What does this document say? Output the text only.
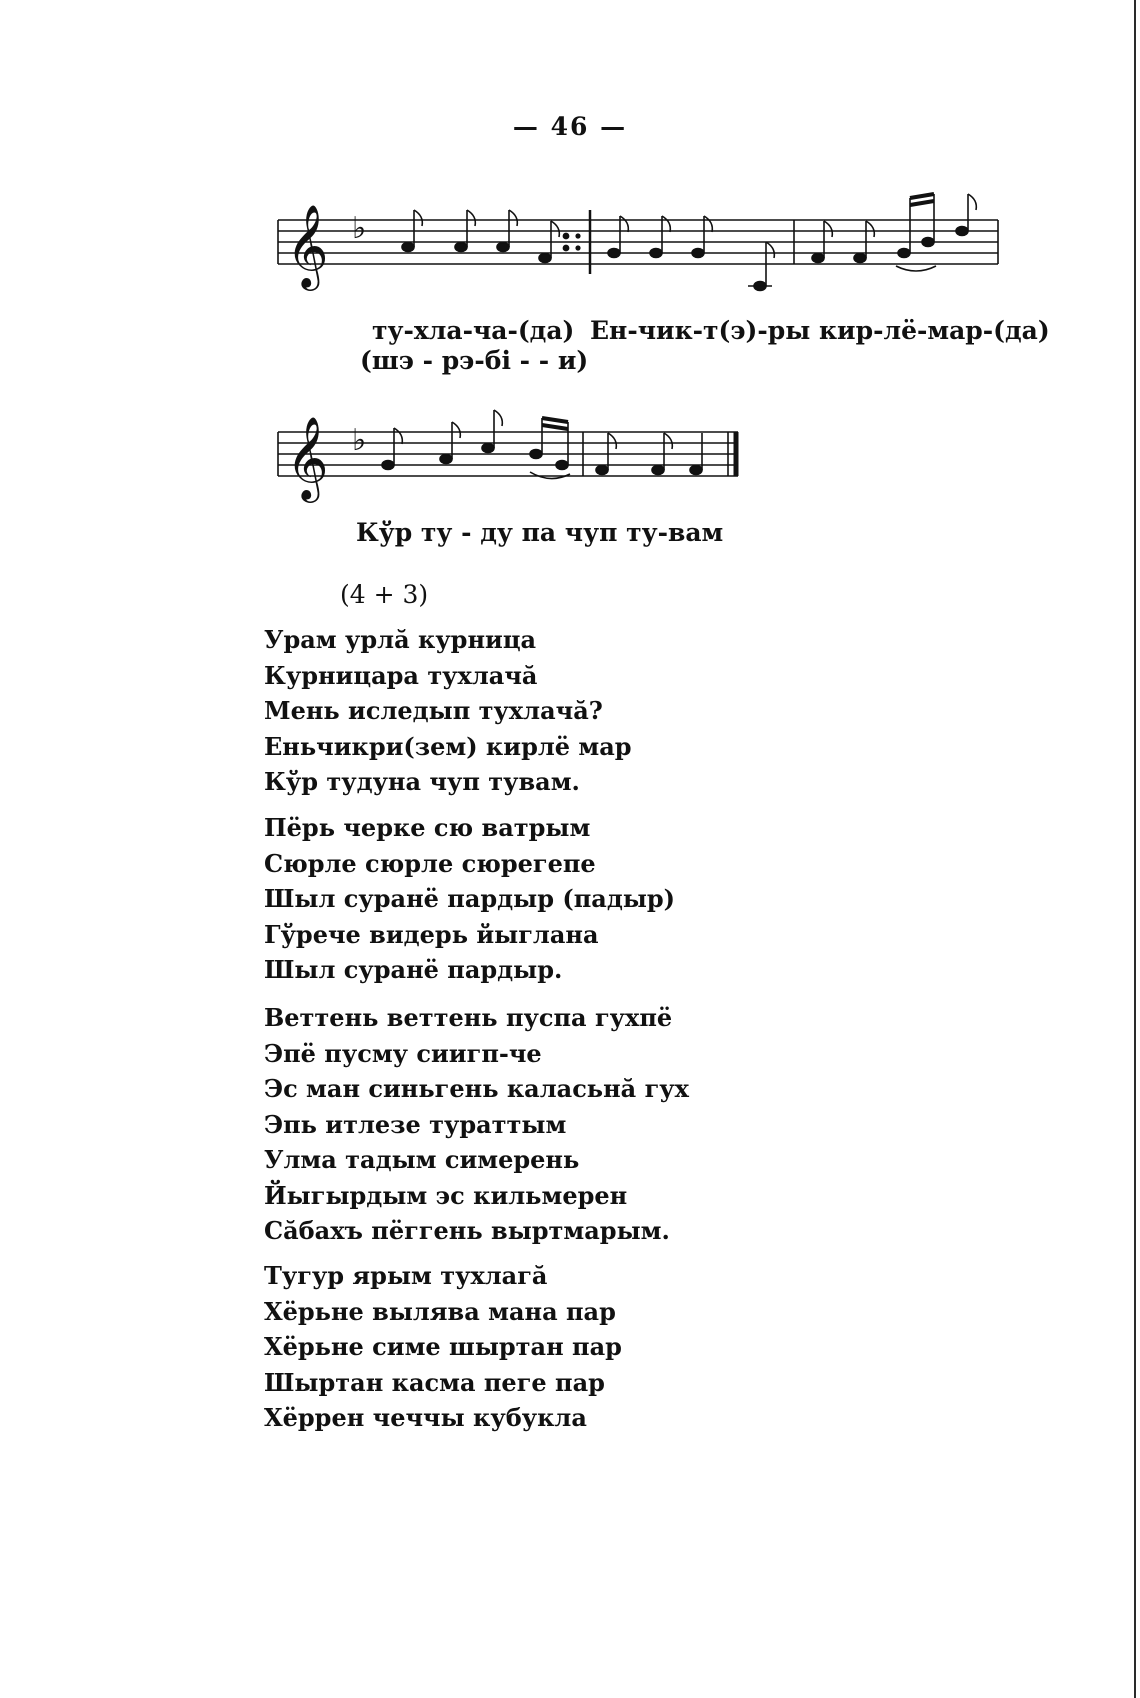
— 46 —
𝄞 ♭
ту-хла-ча-(да) Ен-чик-т(э)-ры кир-лё-мар-(да)
(шэ - рэ-бі - - и)
𝄞 ♭
Кўр ту - ду па чуп ту-вам
(4 + 3)
Урам урлă курница
Курницара тухлачă
Мень иследып тухлачă?
Еньчикри(зем) кирлё мар
Кўр тудуна чуп тувам.
Пёрь черке сю ватрым
Сюрле сюрле сюрегепе
Шыл суранё пардыр (падыр)
Гўрече видерь йыглана
Шыл суранё пардыр.
Веттень веттень пуспа гухпё
Эпё пусму сиигп-че
Эс ман синьгень каласьнă гух
Эпь итлезе тураттым
Улма тадым симерень
Йыгырдым эс кильмерен
Сăбахъ пёггень выртмарым.
Тугур ярым тухлагă
Хёрьне вылява мана пар
Хёрьне симе шыртан пар
Шыртан касма пеге пар
Хёррен чеччы кубукла
